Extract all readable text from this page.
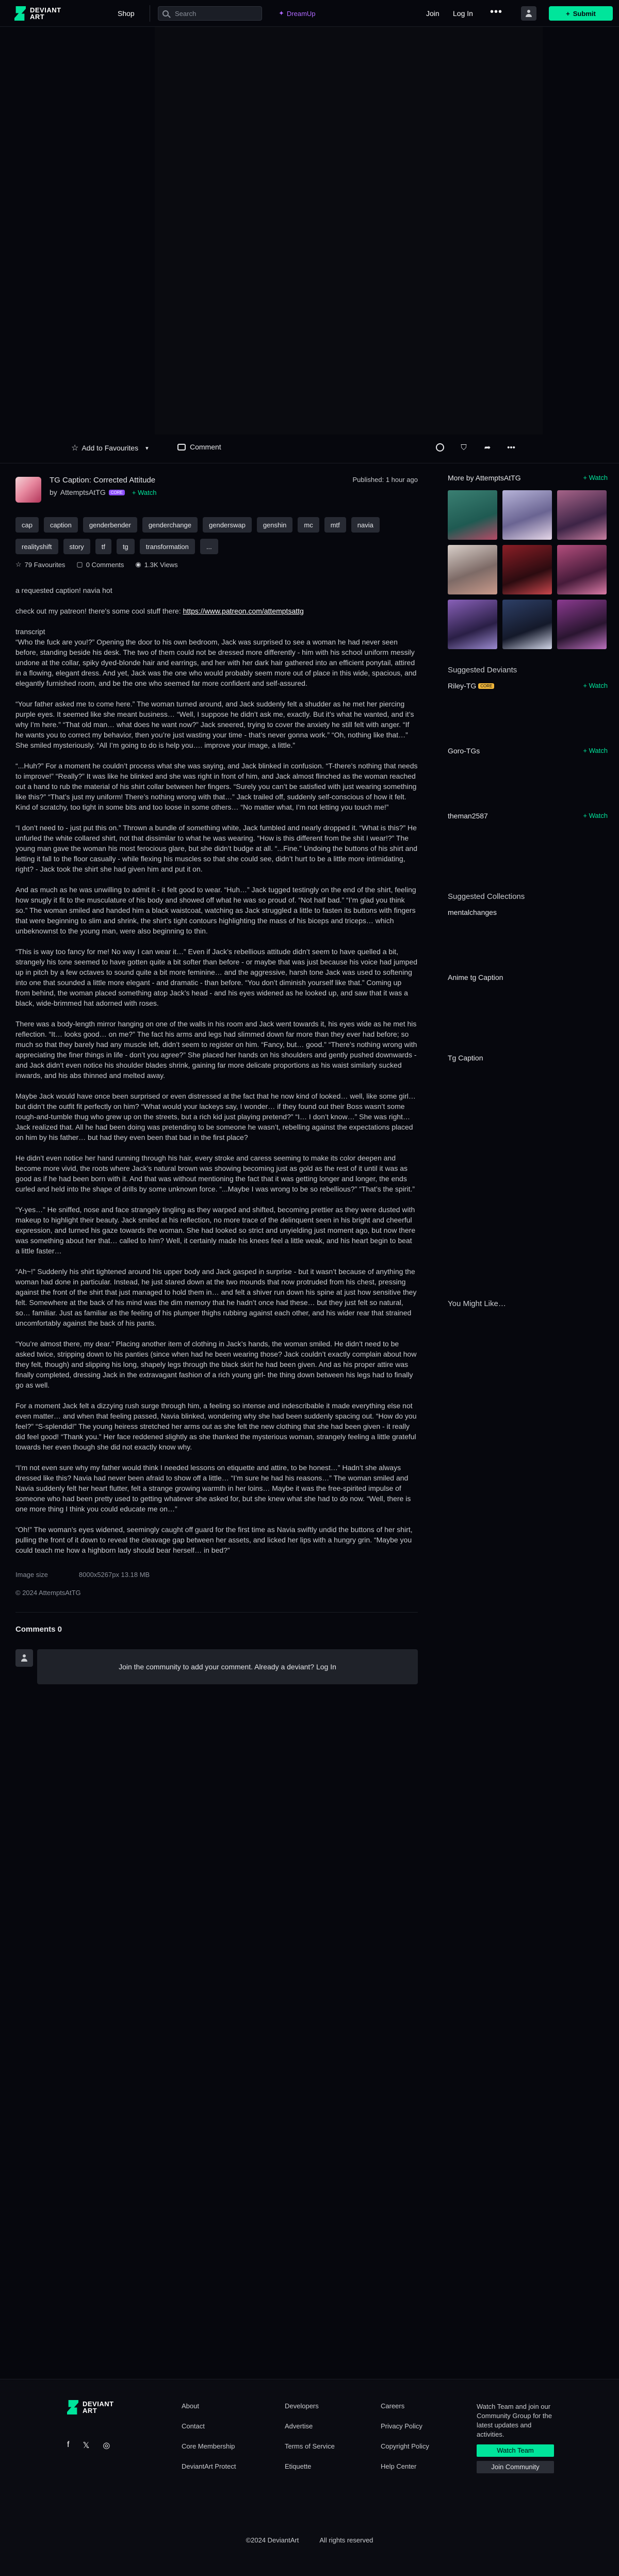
DEVIANT
ART	Shop	Search	✦ DreamUp	Join Log In •••	+ Submit
☆ Add to Favourites ▾	Comment	⛉	➦	•••
TG Caption: Corrected Attitude
by AttemptsAtTG	CORE	+ Watch
Published: 1 hour ago
cap	caption	genderbender	genderchange	genderswap	genshin	mc	mtf	navia
realityshift	story	tf	tg	transformation	...
☆ 79 Favourites ▢ 0 Comments ◉ 1.3K Views

a requested caption! navia hot

check out my patreon! there's some cool stuff there: https://www.patreon.com/attemptsattg

transcript

“Who the fuck are you!?” Opening the door to his own bedroom, Jack was surprised to see a woman he had never seen before, standing beside his desk. The two of them could not be dressed more differently - him with his school uniform messily undone at the collar, spiky dyed-blonde hair and earrings, and her with her dark hair gathered into an efficient ponytail, attired in a flowing, elegant dress. And yet, Jack was the one who would probably seem more out of place in this wide, spacious, and elegantly furnished room, and be the one who seemed far more confident and self-assured.

“Your father asked me to come here.” The woman turned around, and Jack suddenly felt a shudder as he met her piercing purple eyes. It seemed like she meant business… “Well, I suppose he didn’t ask me, exactly. But it’s what he wanted, and it’s why I’m here.” “That old man… what does he want now?” Jack sneered, trying to cover the anxiety he still felt with anger. “If he wants you to correct my behavior, then you’re just wasting your time - that’s never gonna work.” “Oh, nothing like that…” She smiled mysteriously. “All I’m going to do is help you…. improve your image, a little.”

“...Huh?” For a moment he couldn’t process what she was saying, and Jack blinked in confusion. “T-there’s nothing that needs to improve!” “Really?” It was like he blinked and she was right in front of him, and Jack almost flinched as the woman reached out a hand to rub the material of his shirt collar between her fingers. “Surely you can’t be satisfied with just wearing something like this?” “That’s just my uniform! There’s nothing wrong with that…” Jack trailed off, suddenly self-conscious of how it felt. Kind of scratchy, too tight in some bits and too loose in some others… “No matter what, I’m not letting you touch me!”

“I don’t need to - just put this on.” Thrown a bundle of something white, Jack fumbled and nearly dropped it. “What is this?” He unfurled the white collared shirt, not that dissimilar to what he was wearing. “How is this different from the shit I wear!?” The young man gave the woman his most ferocious glare, but she didn’t budge at all. “...Fine.” Undoing the buttons of his shirt and letting it fall to the floor casually - while flexing his muscles so that she could see, didn’t hurt to be a little more intimidating, right? - Jack took the shirt she had given him and put it on.

And as much as he was unwilling to admit it - it felt good to wear. “Huh…” Jack tugged testingly on the end of the shirt, feeling how snugly it fit to the musculature of his body and showed off what he was so proud of. “Not half bad.” “I’m glad you think so.” The woman smiled and handed him a black waistcoat, watching as Jack struggled a little to fasten its buttons with fingers that were beginning to slim and shrink, the shirt’s tight contours highlighting the mass of his biceps and triceps… which unbeknownst to the young man, were also beginning to thin.

“This is way too fancy for me! No way I can wear it…” Even if Jack’s rebellious attitude didn’t seem to have quelled a bit, strangely his tone seemed to have gotten quite a bit softer than before - or maybe that was just because his voice had jumped up in pitch by a few octaves to sound quite a bit more feminine… and the aggressive, harsh tone Jack was used to softening into one that sounded a little more elegant - and dramatic - than before. “You don’t diminish yourself like that.” Coming up from behind, the woman placed something atop Jack’s head - and his eyes widened as he looked up, and saw that it was a black, wide-brimmed hat adorned with roses.

There was a body-length mirror hanging on one of the walls in his room and Jack went towards it, his eyes wide as he met his reflection. “It… looks good… on me?” The fact his arms and legs had slimmed down far more than they ever had before; so much so that they barely had any muscle left, didn’t seem to register on him. “Fancy, but… good.” “There’s nothing wrong with appreciating the finer things in life - don’t you agree?” She placed her hands on his shoulders and gently pushed downwards - and Jack didn’t even notice his shoulder blades shrink, gaining far more delicate proportions as his waist similarly sucked inwards, and his abs thinned and melted away.

Maybe Jack would have once been surprised or even distressed at the fact that he now kind of looked… well, like some girl… but didn’t the outfit fit perfectly on him? “What would your lackeys say, I wonder… if they found out their Boss wasn’t some rough-and-tumble thug who grew up on the streets, but a rich kid just playing pretend?” “I… I don’t know…” She was right… Jack realized that. All he had been doing was pretending to be someone he wasn’t, rebelling against the expectations placed on him by his father… but had they even been that bad in the first place?

He didn’t even notice her hand running through his hair, every stroke and caress seeming to make its color deepen and become more vivid, the roots where Jack’s natural brown was showing becoming just as gold as the rest of it until it was as good as if he had been born with it. And that was without mentioning the fact that it was getting longer and longer, the ends curled and held into the shape of drills by some unknown force. “...Maybe I was wrong to be so rebellious?” “That’s the spirit.”

“Y-yes…” He sniffed, nose and face strangely tingling as they warped and shifted, becoming prettier as they were dusted with makeup to highlight their beauty. Jack smiled at his reflection, no more trace of the delinquent seen in his bright and cheerful expression, and turned his gaze towards the woman. She had looked so strict and unyielding just moment ago, but now there was something about her that… called to him? Well, it certainly made his knees feel a little weak, and his heart begin to beat a little faster…

“Ah~!” Suddenly his shirt tightened around his upper body and Jack gasped in surprise - but it wasn’t because of anything the woman had done in particular. Instead, he just stared down at the two mounds that now protruded from his chest, pressing against the front of the shirt that just managed to hold them in… and felt a shiver run down his spine at just how sensitive they felt. Somewhere at the back of his mind was the dim memory that he hadn’t once had these… but they just felt so natural, so… familiar. Just as familiar as the feeling of his plumper thighs rubbing against each other, and his wider rear that strained uncomfortably against the back of his pants.

“You’re almost there, my dear.” Placing another item of clothing in Jack’s hands, the woman smiled. He didn’t need to be asked twice, stripping down to his panties (since when had he been wearing those? Jack couldn’t exactly complain about how they felt, though) and slipping his long, shapely legs through the black skirt he had been given. And as his proper attire was finally completed, dressing Jack in the extravagant fashion of a rich young girl- the thing down between his legs had to finally go as well.

For a moment Jack felt a dizzying rush surge through him, a feeling so intense and indescribable it made everything else not even matter… and when that feeling passed, Navia blinked, wondering why she had been suddenly spacing out. “How do you feel?” “S-splendid!” The young heiress stretched her arms out as she felt the new clothing that she had been given - it really did feel good! “Thank you.” Her face reddened slightly as she thanked the mysterious woman, strangely feeling a little grateful towards her even though she did not exactly know why.

“I’m not even sure why my father would think I needed lessons on etiquette and attire, to be honest…” Hadn’t she always dressed like this? Navia had never been afraid to show off a little… “I’m sure he had his reasons…” The woman smiled and Navia suddenly felt her heart flutter, felt a strange growing warmth in her loins… Maybe it was the free-spirited impulse of someone who had been pretty used to getting whatever she asked for, but she knew what she had to do now. “Well, there is one more thing I think you could educate me on…”

“Oh!” The woman’s eyes widened, seemingly caught off guard for the first time as Navia swiftly undid the buttons of her shirt, pulling the front of it down to reveal the cleavage gap between her assets, and licked her lips with a hungry grin. “Maybe you could teach me how a highborn lady should bear herself… in bed?”

Image size	8000x5267px 13.18 MB
© 2024 AttemptsAtTG
Comments 0
Join the community to add your comment. Already a deviant? Log In
More by AttemptsAtTG	+ Watch
Suggested Deviants
Riley-TG CORE	+ Watch
Goro-TGs	+ Watch
theman2587	+ Watch
Suggested Collections
mentalchanges
Anime tg Caption
Tg Caption
You Might Like…
DEVIANT
ART
f 𝕏 ◎
About
Contact
Core Membership
DeviantArt Protect
Developers
Advertise
Terms of Service
Etiquette
Careers
Privacy Policy
Copyright Policy
Help Center
Watch Team and join our Community Group for the latest updates and activities.
Watch Team
Join Community
©2024 DeviantArt	All rights reserved
